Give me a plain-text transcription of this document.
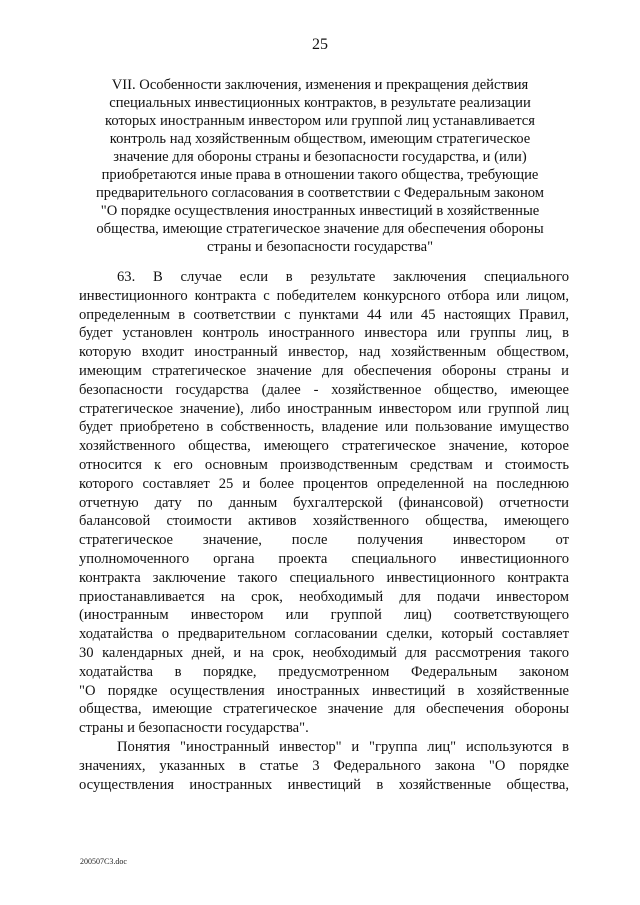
25
VII. Особенности заключения, изменения и прекращения действия
специальных инвестиционных контрактов, в результате реализации
которых иностранным инвестором или группой лиц устанавливается
контроль над хозяйственным обществом, имеющим стратегическое
значение для обороны страны и безопасности государства, и (или)
приобретаются иные права в отношении такого общества, требующие
предварительного согласования в соответствии с Федеральным законом
"О порядке осуществления иностранных инвестиций в хозяйственные
общества, имеющие стратегическое значение для обеспечения обороны
страны и безопасности государства"
63. В случае если в результате заключения специального
инвестиционного контракта с победителем конкурсного отбора или лицом,
определенным в соответствии с пунктами 44 или 45 настоящих Правил,
будет установлен контроль иностранного инвестора или группы лиц, в
которую входит иностранный инвестор, над хозяйственным обществом,
имеющим стратегическое значение для обеспечения обороны страны и
безопасности государства (далее - хозяйственное общество, имеющее
стратегическое значение), либо иностранным инвестором или группой лиц
будет приобретено в собственность, владение или пользование имущество
хозяйственного общества, имеющего стратегическое значение, которое
относится к его основным производственным средствам и стоимость
которого составляет 25 и более процентов определенной на последнюю
отчетную дату по данным бухгалтерской (финансовой) отчетности
балансовой стоимости активов хозяйственного общества, имеющего
стратегическое значение, после получения инвестором от
уполномоченного органа проекта специального инвестиционного
контракта заключение такого специального инвестиционного контракта
приостанавливается на срок, необходимый для подачи инвестором
(иностранным инвестором или группой лиц) соответствующего
ходатайства о предварительном согласовании сделки, который составляет
30 календарных дней, и на срок, необходимый для рассмотрения такого
ходатайства в порядке, предусмотренном Федеральным законом
"О порядке осуществления иностранных инвестиций в хозяйственные
общества, имеющие стратегическое значение для обеспечения обороны
страны и безопасности государства".
Понятия "иностранный инвестор" и "группа лиц" используются в
значениях, указанных в статье 3 Федерального закона "О порядке
осуществления иностранных инвестиций в хозяйственные общества,
200507C3.doc
